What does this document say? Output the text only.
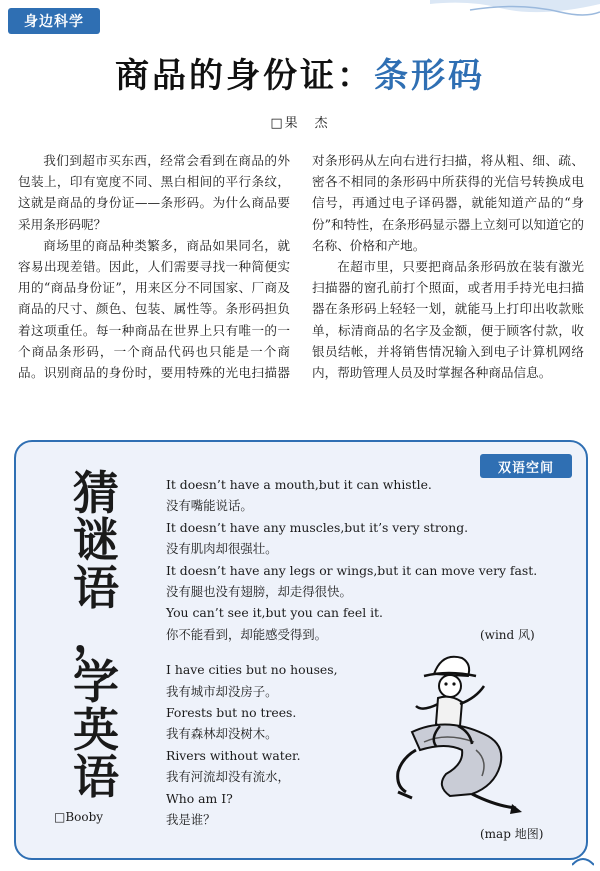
身边科学
商品的身份证：条形码
□果　杰

我们到超市买东西，经常会看到在商品的外包装上，印有宽度不同、黑白相间的平行条纹，这就是商品的身份证——条形码。为什么商品要采用条形码呢？

商场里的商品种类繁多，商品如果同名，就容易出现差错。因此，人们需要寻找一种简便实用的“商品身份证”，用来区分不同国家、厂商及商品的尺寸、颜色、包装、属性等。条形码担负着这项重任。每一种商品在世界上只有唯一的一个商品条形码，一个商品代码也只能是一个商品。识别商品的身份时，要用特殊的光电扫描器对条形码从左向右进行扫描，将从粗、细、疏、密各不相同的条形码中所获得的光信号转换成电信号，再通过电子译码器，就能知道产品的“身份”和特性，在条形码显示器上立刻可以知道它的名称、价格和产地。

在超市里，只要把商品条形码放在装有激光扫描器的窗孔前打个照面，或者用手持光电扫描器在条形码上轻轻一划，就能马上打印出收款账单，标清商品的名字及金额，便于顾客付款，收银员结帐，并将销售情况输入到电子计算机网络内，帮助管理人员及时掌握各种商品信息。

双语空间
猜
谜
语
，
学
英
语
□Booby
It doesn’t have a mouth,but it can whistle.
没有嘴能说话。
It doesn’t have any muscles,but it’s very strong.
没有肌肉却很强壮。
It doesn’t have any legs or wings,but it can move very fast.
没有腿也没有翅膀，却走得很快。
You can’t see it,but you can feel it.
你不能看到，却能感受得到。
I have cities but no houses,
我有城市却没房子。
Forests but no trees.
我有森林却没树木。
Rivers without water.
我有河流却没有流水，
Who am I?
我是谁？
(wind 风)
(map 地图)
